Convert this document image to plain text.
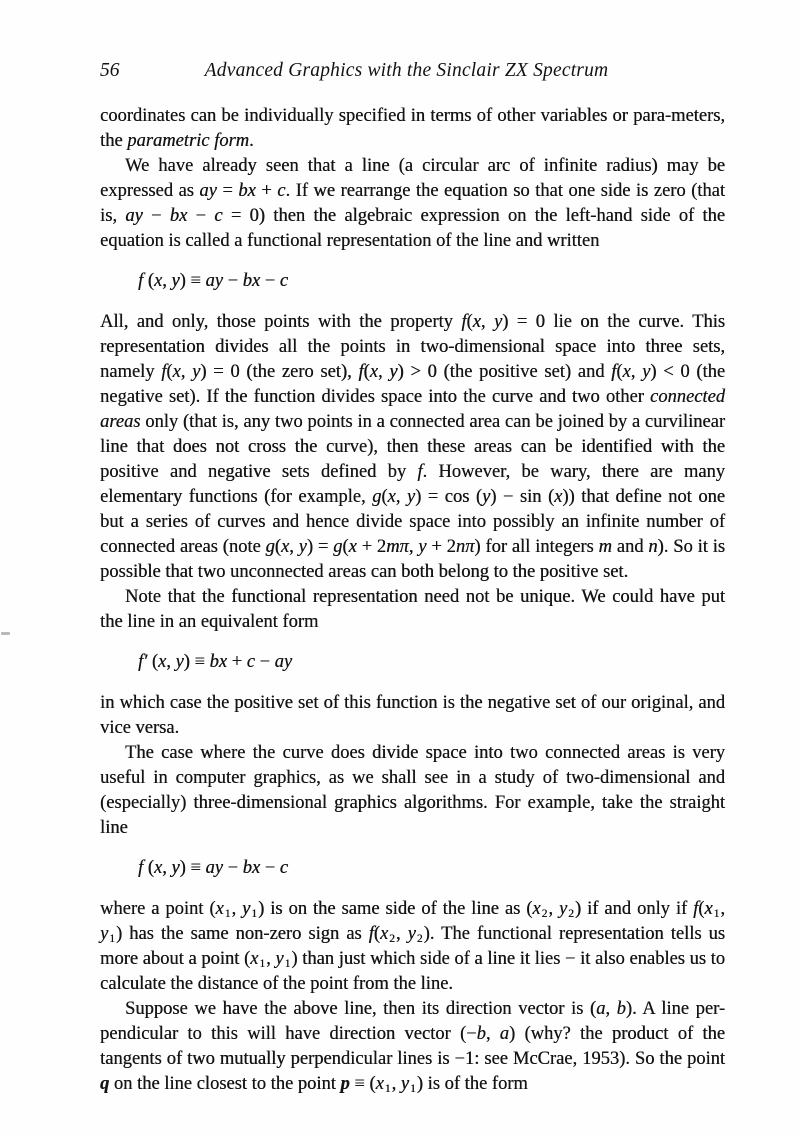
56	Advanced Graphics with the Sinclair ZX Spectrum

coordinates can be individually specified in terms of other variables or para-meters, the parametric form.

We have already seen that a line (a circular arc of infinite radius) may be expressed as ay = bx + c. If we rearrange the equation so that one side is zero (that is, ay − bx − c = 0) then the algebraic expression on the left-hand side of the equation is called a functional representation of the line and written

f (x, y) ≡ ay − bx − c

All, and only, those points with the property f(x, y) = 0 lie on the curve. This representation divides all the points in two-dimensional space into three sets, namely f(x, y) = 0 (the zero set), f(x, y) > 0 (the positive set) and f(x, y) < 0 (the negative set). If the function divides space into the curve and two other connected areas only (that is, any two points in a connected area can be joined by a curvilinear line that does not cross the curve), then these areas can be identified with the positive and negative sets defined by f. However, be wary, there are many elementary functions (for example, g(x, y) = cos (y) − sin (x)) that define not one but a series of curves and hence divide space into possibly an infinite number of connected areas (note g(x, y) = g(x + 2mπ, y + 2nπ) for all integers m and n). So it is possible that two unconnected areas can both belong to the positive set.

Note that the functional representation need not be unique. We could have put the line in an equivalent form

f′ (x, y) ≡ bx + c − ay

in which case the positive set of this function is the negative set of our original, and vice versa.

The case where the curve does divide space into two connected areas is very useful in computer graphics, as we shall see in a study of two-dimensional and (especially) three-dimensional graphics algorithms. For example, take the straight line

f (x, y) ≡ ay − bx − c

where a point (x1, y1) is on the same side of the line as (x2, y2) if and only if f(x1, y1) has the same non-zero sign as f(x2, y2). The functional representation tells us more about a point (x1, y1) than just which side of a line it lies − it also enables us to calculate the distance of the point from the line.

Suppose we have the above line, then its direction vector is (a, b). A line per-pendicular to this will have direction vector (−b, a) (why? the product of the tangents of two mutually perpendicular lines is −1: see McCrae, 1953). So the point q on the line closest to the point p ≡ (x1, y1) is of the form
